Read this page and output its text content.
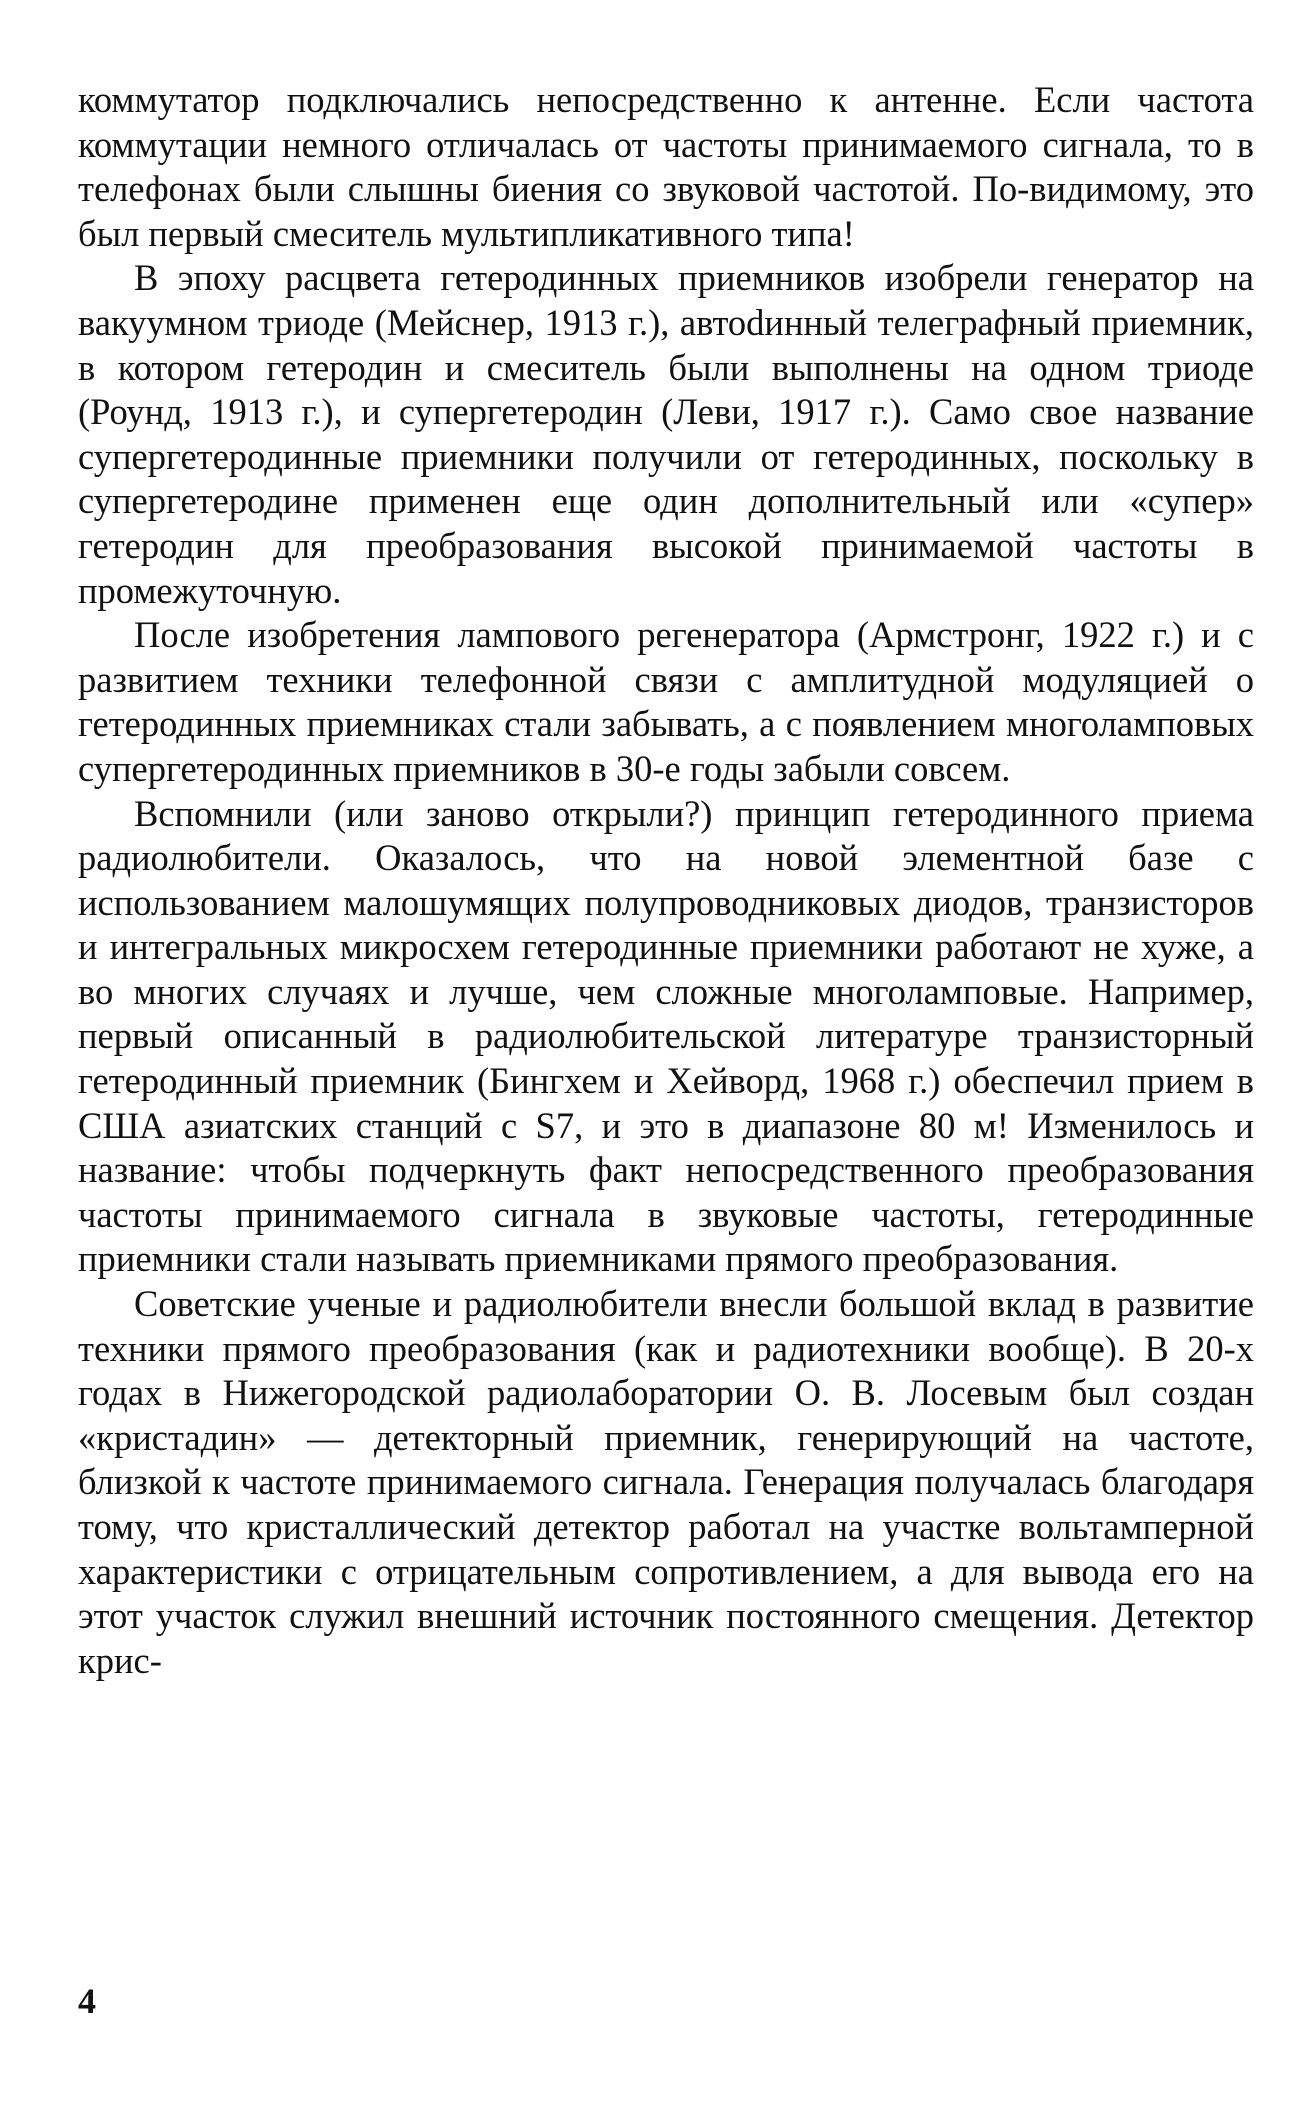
коммутатор подключались непосредственно к антенне. Если частота коммутации немного отличалась от частоты принимаемого сигнала, то в телефонах были слышны биения со звуковой частотой. По-видимому, это был первый смеситель мультипликативного типа!

В эпоху расцвета гетеродинных приемников изобрели генератор на вакуумном триоде (Мейснер, 1913 г.), автоdинный телеграфный приемник, в котором гетеродин и смеситель были выполнены на одном триоде (Роунд, 1913 г.), и супергетеродин (Леви, 1917 г.). Само свое название супергетеродинные приемники получили от гетеродинных, поскольку в супергетеродине применен еще один дополнительный или «супер» гетеродин для преобразования высокой принимаемой частоты в промежуточную.

После изобретения лампового регенератора (Армстронг, 1922 г.) и с развитием техники телефонной связи с амплитудной модуляцией о гетеродинных приемниках стали забывать, а с появлением многоламповых супергетеродинных приемников в 30-е годы забыли совсем.

Вспомнили (или заново открыли?) принцип гетеродинного приема радиолюбители. Оказалось, что на новой элементной базе с использованием малошумящих полупроводниковых диодов, транзисторов и интегральных микросхем гетеродинные приемники работают не хуже, а во многих случаях и лучше, чем сложные многоламповые. Например, первый описанный в радиолюбительской литературе транзисторный гетеродинный приемник (Бингхем и Хейворд, 1968 г.) обеспечил прием в США азиатских станций с S7, и это в диапазоне 80 м! Изменилось и название: чтобы подчеркнуть факт непосредственного преобразования частоты принимаемого сигнала в звуковые частоты, гетеродинные приемники стали называть приемниками прямого преобразования.

Советские ученые и радиолюбители внесли большой вклад в развитие техники прямого преобразования (как и радиотехники вообще). В 20-х годах в Нижегородской радиолаборатории О. В. Лосевым был создан «кристадин» — детекторный приемник, генерирующий на частоте, близкой к частоте принимаемого сигнала. Генерация получалась благодаря тому, что кристаллический детектор работал на участке вольтамперной характеристики с отрицательным сопротивлением, а для вывода его на этот участок служил внешний источник постоянного смещения. Детектор крис-

4
